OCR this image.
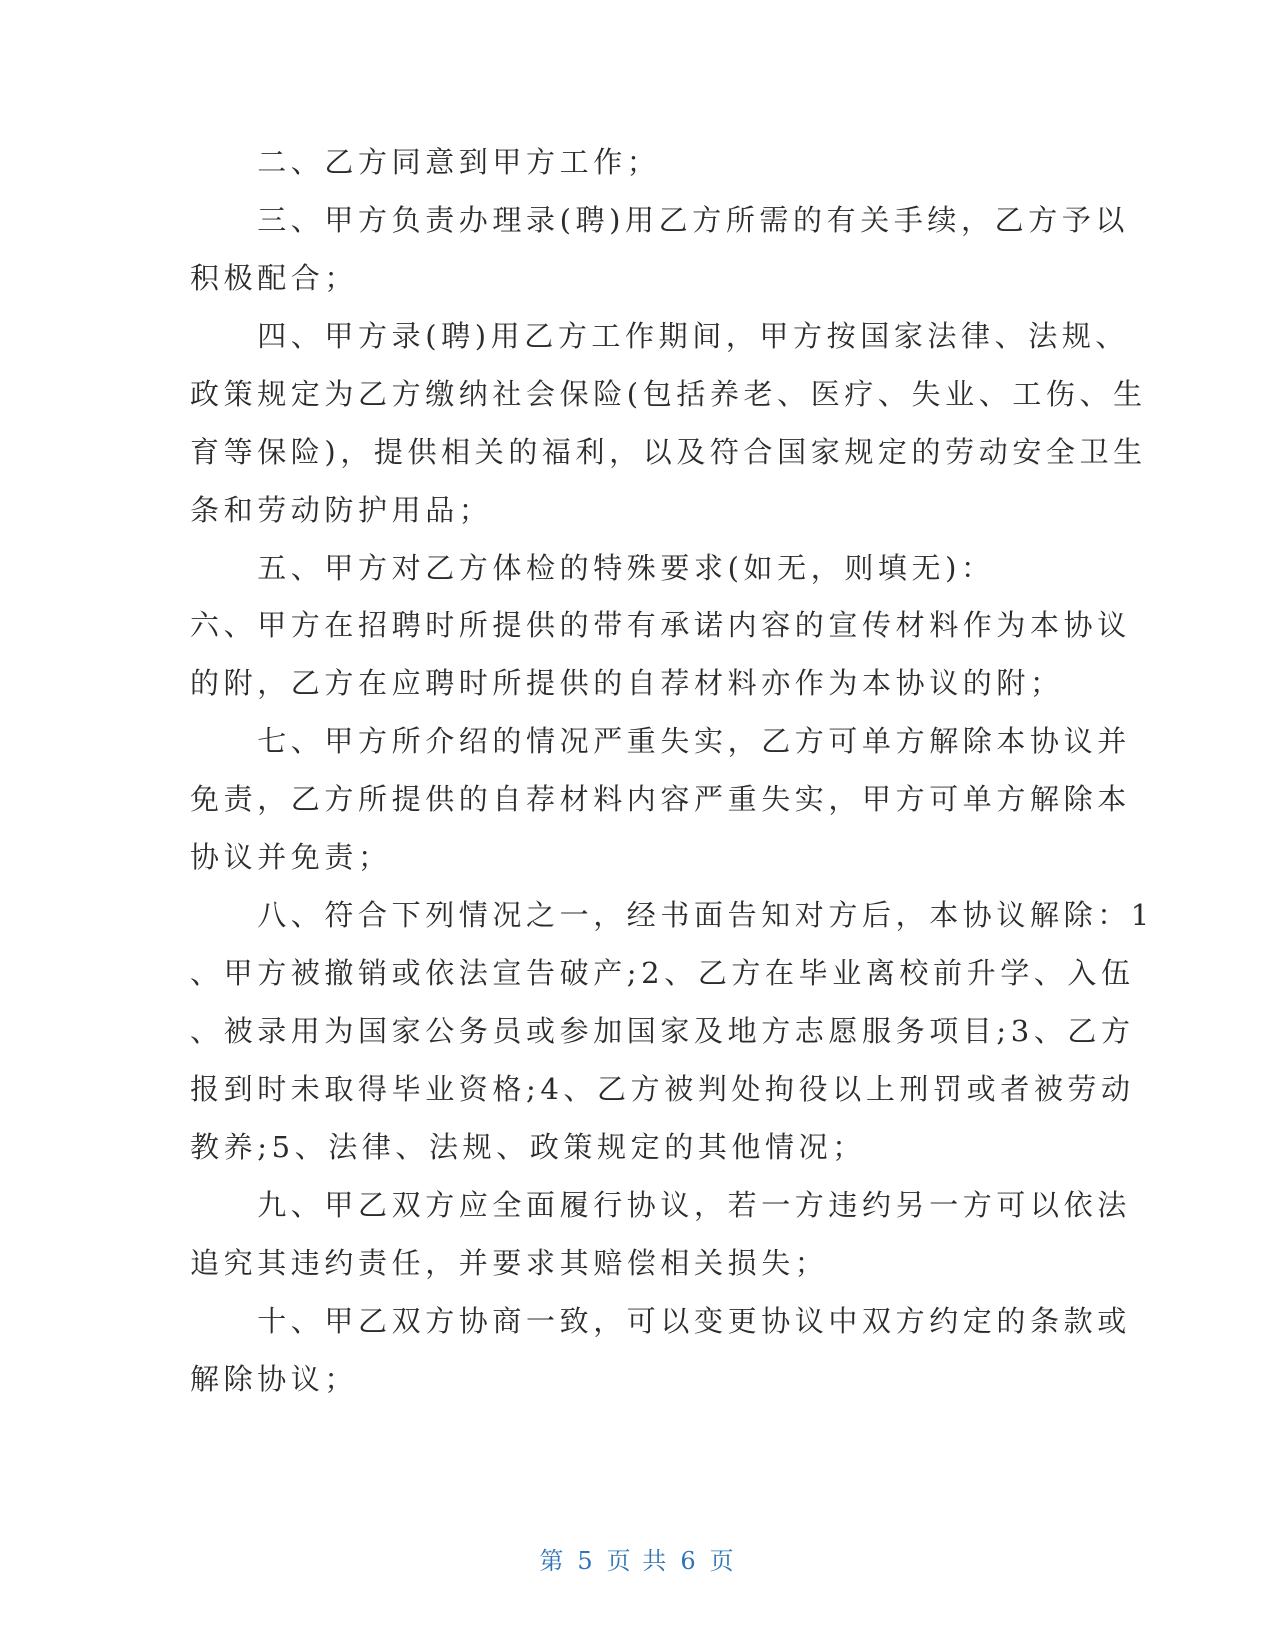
　　二、乙方同意到甲方工作；
　　三、甲方负责办理录(聘)用乙方所需的有关手续，乙方予以
积极配合；
　　四、甲方录(聘)用乙方工作期间，甲方按国家法律、法规、
政策规定为乙方缴纳社会保险(包括养老、医疗、失业、工伤、生
育等保险)，提供相关的福利，以及符合国家规定的劳动安全卫生
条和劳动防护用品；
　　五、甲方对乙方体检的特殊要求(如无，则填无)：
六、甲方在招聘时所提供的带有承诺内容的宣传材料作为本协议
的附，乙方在应聘时所提供的自荐材料亦作为本协议的附；
　　七、甲方所介绍的情况严重失实，乙方可单方解除本协议并
免责，乙方所提供的自荐材料内容严重失实，甲方可单方解除本
协议并免责；
　　八、符合下列情况之一，经书面告知对方后，本协议解除：1
、甲方被撤销或依法宣告破产;2、乙方在毕业离校前升学、入伍
、被录用为国家公务员或参加国家及地方志愿服务项目;3、乙方
报到时未取得毕业资格;4、乙方被判处拘役以上刑罚或者被劳动
教养;5、法律、法规、政策规定的其他情况；
　　九、甲乙双方应全面履行协议，若一方违约另一方可以依法
追究其违约责任，并要求其赔偿相关损失；
　　十、甲乙双方协商一致，可以变更协议中双方约定的条款或
解除协议；
第 5 页 共 6 页
